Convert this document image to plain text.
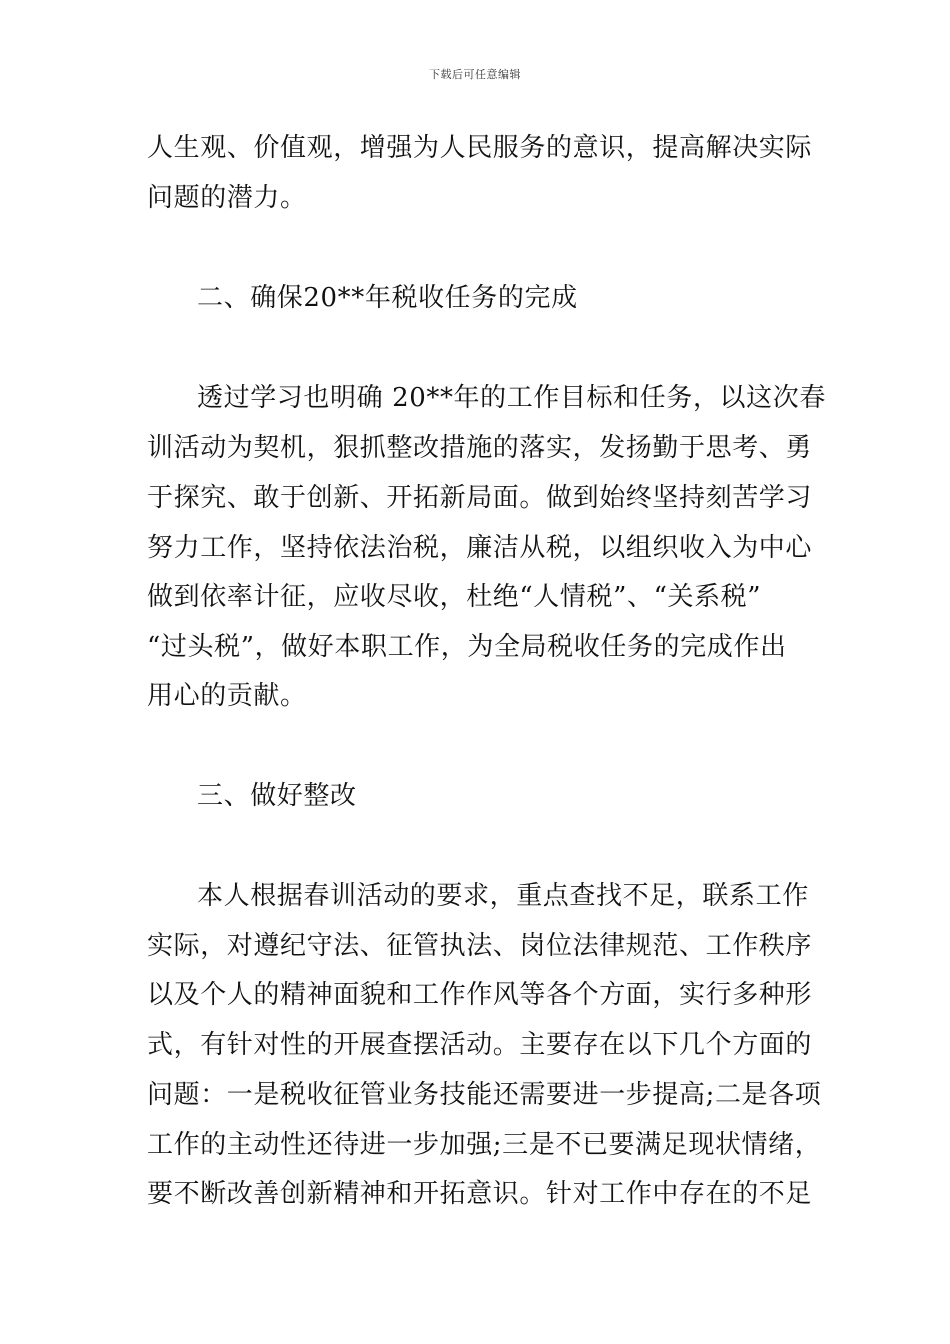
下载后可任意编辑
人生观、价值观，增强为人民服务的意识，提高解决实际
问题的潜力。
二、确保20**年税收任务的完成
透过学习也明确 20**年的工作目标和任务，以这次春
训活动为契机，狠抓整改措施的落实，发扬勤于思考、勇
于探究、敢于创新、开拓新局面。做到始终坚持刻苦学习
努力工作，坚持依法治税，廉洁从税，以组织收入为中心
做到依率计征，应收尽收，杜绝“人情税”、“关系税”
“过头税”，做好本职工作，为全局税收任务的完成作出
用心的贡献。
三、做好整改
本人根据春训活动的要求，重点查找不足，联系工作
实际，对遵纪守法、征管执法、岗位法律规范、工作秩序
以及个人的精神面貌和工作作风等各个方面，实行多种形
式，有针对性的开展查摆活动。主要存在以下几个方面的
问题：一是税收征管业务技能还需要进一步提高;二是各项
工作的主动性还待进一步加强;三是不已要满足现状情绪，
要不断改善创新精神和开拓意识。针对工作中存在的不足
